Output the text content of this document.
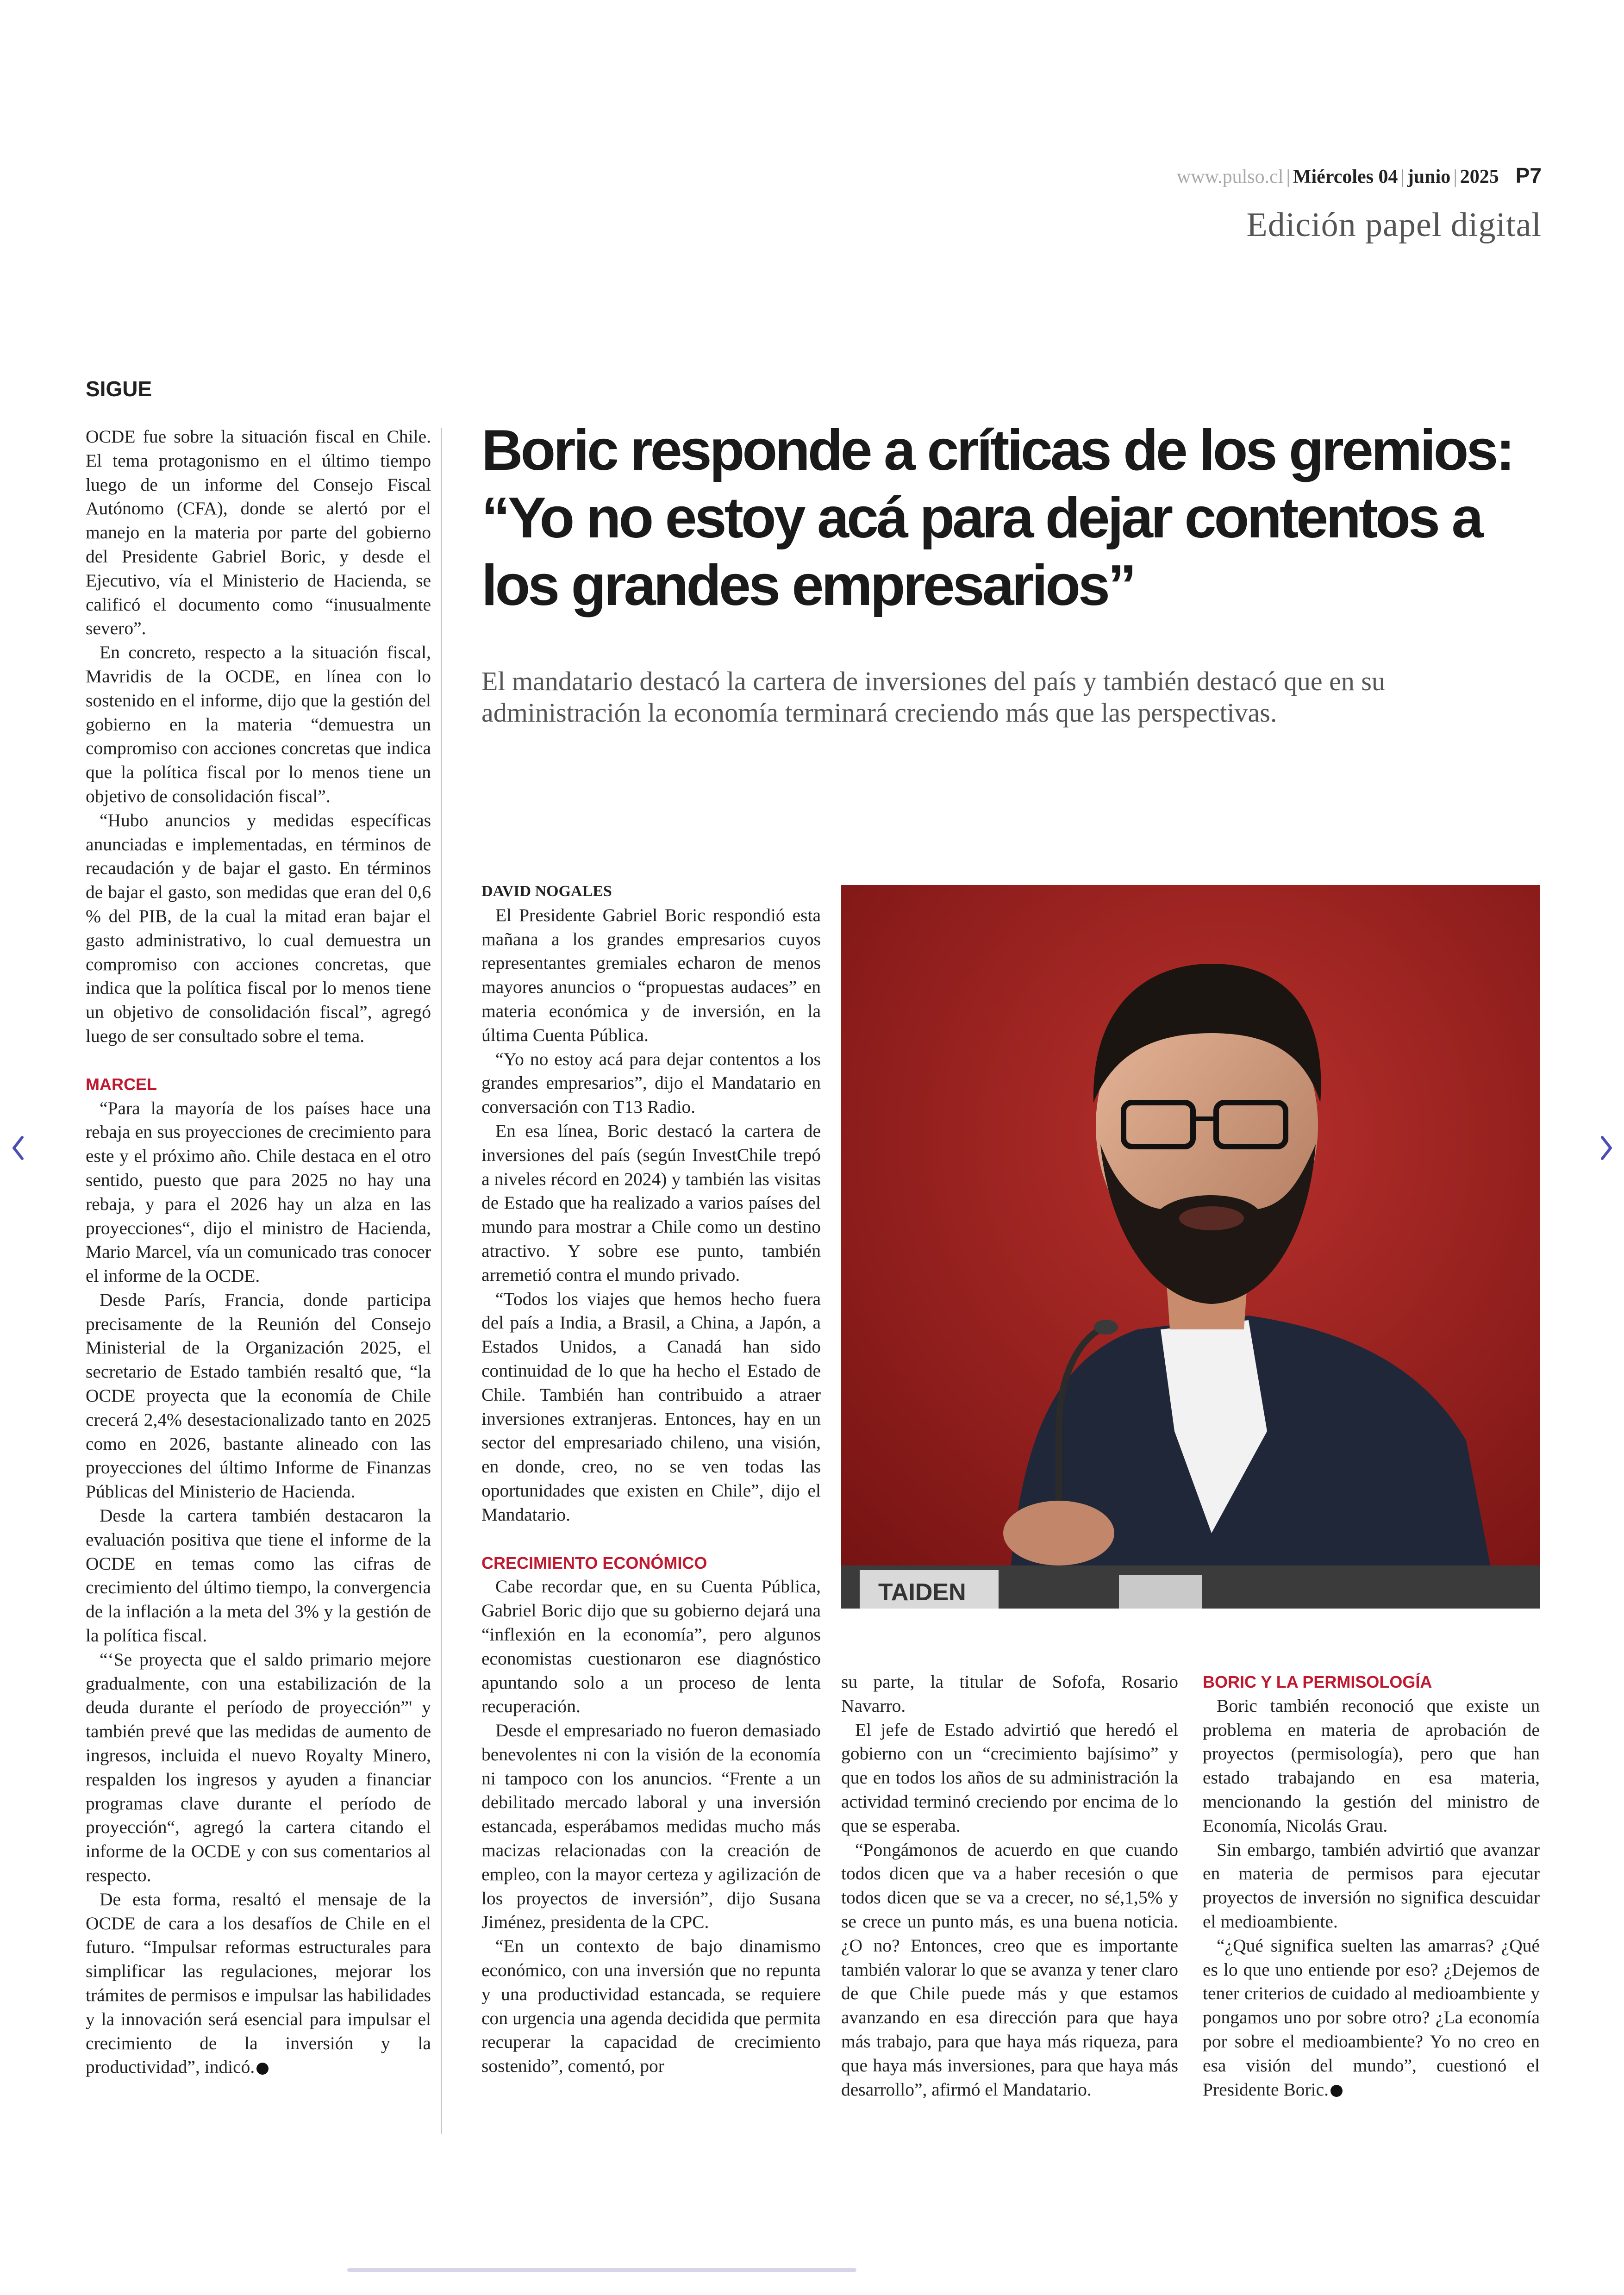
www.pulso.cl | Miércoles 04 | junio | 2025 P7
Edición papel digital
SIGUE

OCDE fue sobre la situación fiscal en Chile. El tema protagonismo en el último tiempo luego de un informe del Consejo Fiscal Autónomo (CFA), donde se alertó por el manejo en la materia por parte del gobierno del Presidente Gabriel Boric, y desde el Ejecutivo, vía el Ministerio de Hacienda, se calificó el documento como “inusualmente severo”.

En concreto, respecto a la situación fiscal, Mavridis de la OCDE, en línea con lo sostenido en el informe, dijo que la gestión del gobierno en la materia “demuestra un compromiso con acciones concretas que indica que la política fiscal por lo menos tiene un objetivo de consolidación fiscal”.

“Hubo anuncios y medidas específicas anunciadas e implementadas, en términos de recaudación y de bajar el gasto. En términos de bajar el gasto, son medidas que eran del 0,6 % del PIB, de la cual la mitad eran bajar el gasto administrativo, lo cual demuestra un compromiso con acciones concretas, que indica que la política fiscal por lo menos tiene un objetivo de consolidación fiscal”, agregó luego de ser consultado sobre el tema.

MARCEL

“Para la mayoría de los países hace una rebaja en sus proyecciones de crecimiento para este y el próximo año. Chile destaca en el otro sentido, puesto que para 2025 no hay una rebaja, y para el 2026 hay un alza en las proyecciones“, dijo el ministro de Hacienda, Mario Marcel, vía un comunicado tras conocer el informe de la OCDE.

Desde París, Francia, donde participa precisamente de la Reunión del Consejo Ministerial de la Organización 2025, el secretario de Estado también resaltó que, “la OCDE proyecta que la economía de Chile crecerá 2,4% desestacionalizado tanto en 2025 como en 2026, bastante alineado con las proyecciones del último Informe de Finanzas Públicas del Ministerio de Hacienda.

Desde la cartera también destacaron la evaluación positiva que tiene el informe de la OCDE en temas como las cifras de crecimiento del último tiempo, la convergencia de la inflación a la meta del 3% y la gestión de la política fiscal.

“‘Se proyecta que el saldo primario mejore gradualmente, con una estabilización de la deuda durante el período de proyección”' y también prevé que las medidas de aumento de ingresos, incluida el nuevo Royalty Minero, respalden los ingresos y ayuden a financiar programas clave durante el período de proyección“, agregó la cartera citando el informe de la OCDE y con sus comentarios al respecto.

De esta forma, resaltó el mensaje de la OCDE de cara a los desafíos de Chile en el futuro. “Impulsar reformas estructurales para simplificar las regulaciones, mejorar los trámites de permisos e impulsar las habilidades y la innovación será esencial para impulsar el crecimiento de la inversión y la productividad”, indicó. P

Boric responde a críticas de los gremios: “Yo no estoy acá para dejar contentos a los grandes empresarios”

El mandatario destacó la cartera de inversiones del país y también destacó que en su administración la economía terminará creciendo más que las perspectivas.

DAVID NOGALES

El Presidente Gabriel Boric respondió esta mañana a los grandes empresarios cuyos representantes gremiales echaron de menos mayores anuncios o “propuestas audaces” en materia económica y de inversión, en la última Cuenta Pública.

“Yo no estoy acá para dejar contentos a los grandes empresarios”, dijo el Mandatario en conversación con T13 Radio.

En esa línea, Boric destacó la cartera de inversiones del país (según InvestChile trepó a niveles récord en 2024) y también las visitas de Estado que ha realizado a varios países del mundo para mostrar a Chile como un destino atractivo. Y sobre ese punto, también arremetió contra el mundo privado.

“Todos los viajes que hemos hecho fuera del país a India, a Brasil, a China, a Japón, a Estados Unidos, a Canadá han sido continuidad de lo que ha hecho el Estado de Chile. También han contribuido a atraer inversiones extranjeras. Entonces, hay en un sector del empresariado chileno, una visión, en donde, creo, no se ven todas las oportunidades que existen en Chile”, dijo el Mandatario.

CRECIMIENTO ECONÓMICO

Cabe recordar que, en su Cuenta Pública, Gabriel Boric dijo que su gobierno dejará una “inflexión en la economía”, pero algunos economistas cuestionaron ese diagnóstico apuntando solo a un proceso de lenta recuperación.

Desde el empresariado no fueron demasiado benevolentes ni con la visión de la economía ni tampoco con los anuncios. “Frente a un debilitado mercado laboral y una inversión estancada, esperábamos medidas mucho más macizas relacionadas con la creación de empleo, con la mayor certeza y agilización de los proyectos de inversión”, dijo Susana Jiménez, presidenta de la CPC.

“En un contexto de bajo dinamismo económico, con una inversión que no repunta y una productividad estancada, se requiere con urgencia una agenda decidida que permita recuperar la capacidad de crecimiento sostenido”, comentó, por

TAIDEN

su parte, la titular de Sofofa, Rosario Navarro.

El jefe de Estado advirtió que heredó el gobierno con un “crecimiento bajísimo” y que en todos los años de su administración la actividad terminó creciendo por encima de lo que se esperaba.

“Pongámonos de acuerdo en que cuando todos dicen que va a haber recesión o que todos dicen que se va a crecer, no sé,1,5% y se crece un punto más, es una buena noticia. ¿O no? Entonces, creo que es importante también valorar lo que se avanza y tener claro de que Chile puede más y que estamos avanzando en esa dirección para que haya más trabajo, para que haya más riqueza, para que haya más inversiones, para que haya más desarrollo”, afirmó el Mandatario.

BORIC Y LA PERMISOLOGÍA

Boric también reconoció que existe un problema en materia de aprobación de proyectos (permisología), pero que han estado trabajando en esa materia, mencionando la gestión del ministro de Economía, Nicolás Grau.

Sin embargo, también advirtió que avanzar en materia de permisos para ejecutar proyectos de inversión no significa descuidar el medioambiente.

“¿Qué significa suelten las amarras? ¿Qué es lo que uno entiende por eso? ¿Dejemos de tener criterios de cuidado al medioambiente y pongamos uno por sobre otro? ¿La economía por sobre el medioambiente? Yo no creo en esa visión del mundo”, cuestionó el Presidente Boric. P
